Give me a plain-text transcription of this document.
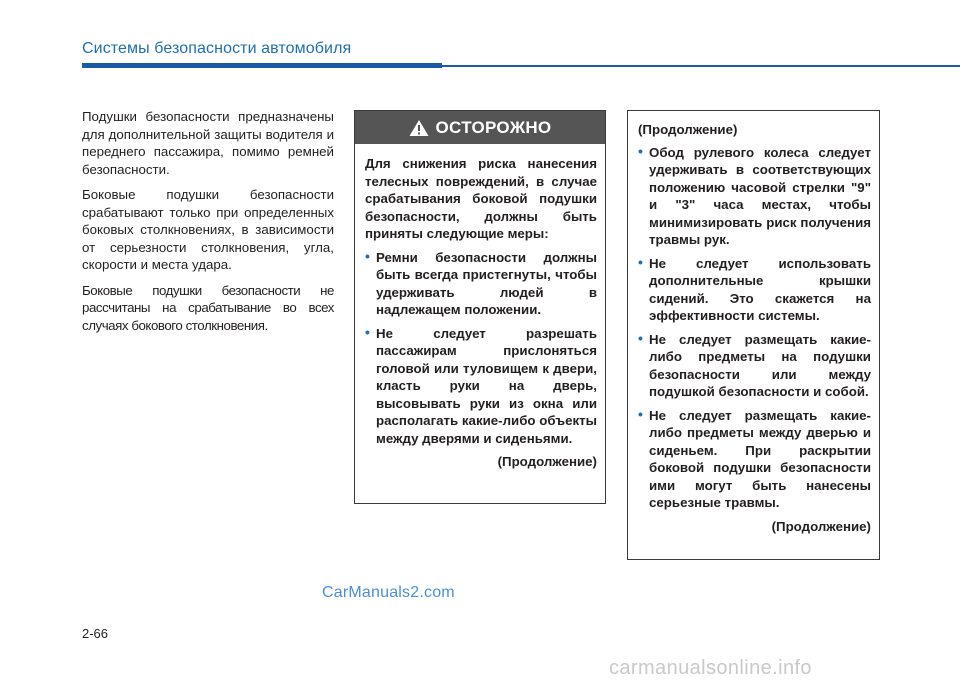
Системы безопасности автомобиля

Подушки безопасности предназначены для дополнительной защиты водителя и переднего пассажира, помимо ремней безопасности.

Боковые подушки безопасности срабатывают только при определенных боковых столкновениях, в зависимости от серьезности столкновения, угла, скорости и места удара.

Боковые подушки безопасности не рассчитаны на срабатывание во всех случаях бокового столкновения.

ОСТОРОЖНО

Для снижения риска нанесения телесных повреждений, в случае срабатывания боковой подушки безопасности, должны быть приняты следующие меры:

• Ремни безопасности должны быть всегда пристегнуты, чтобы удерживать людей в надлежащем положении.
• Не следует разрешать пассажирам прислоняться головой или туловищем к двери, класть руки на дверь, высовывать руки из окна или располагать какие-либо объекты между дверями и сиденьями.

(Продолжение)

(Продолжение)

• Обод рулевого колеса следует удерживать в соответствующих положению часовой стрелки "9" и "3" часа местах, чтобы минимизировать риск получения травмы рук.
• Не следует использовать дополнительные крышки сидений. Это скажется на эффективности системы.
• Не следует размещать какие-либо предметы на подушки безопасности или между подушкой безопасности и собой.
• Не следует размещать какие-либо предметы между дверью и сиденьем. При раскрытии боковой подушки безопасности ими могут быть нанесены серьезные травмы.

(Продолжение)

CarManuals2.com
2-66
carmanualsonline.info
